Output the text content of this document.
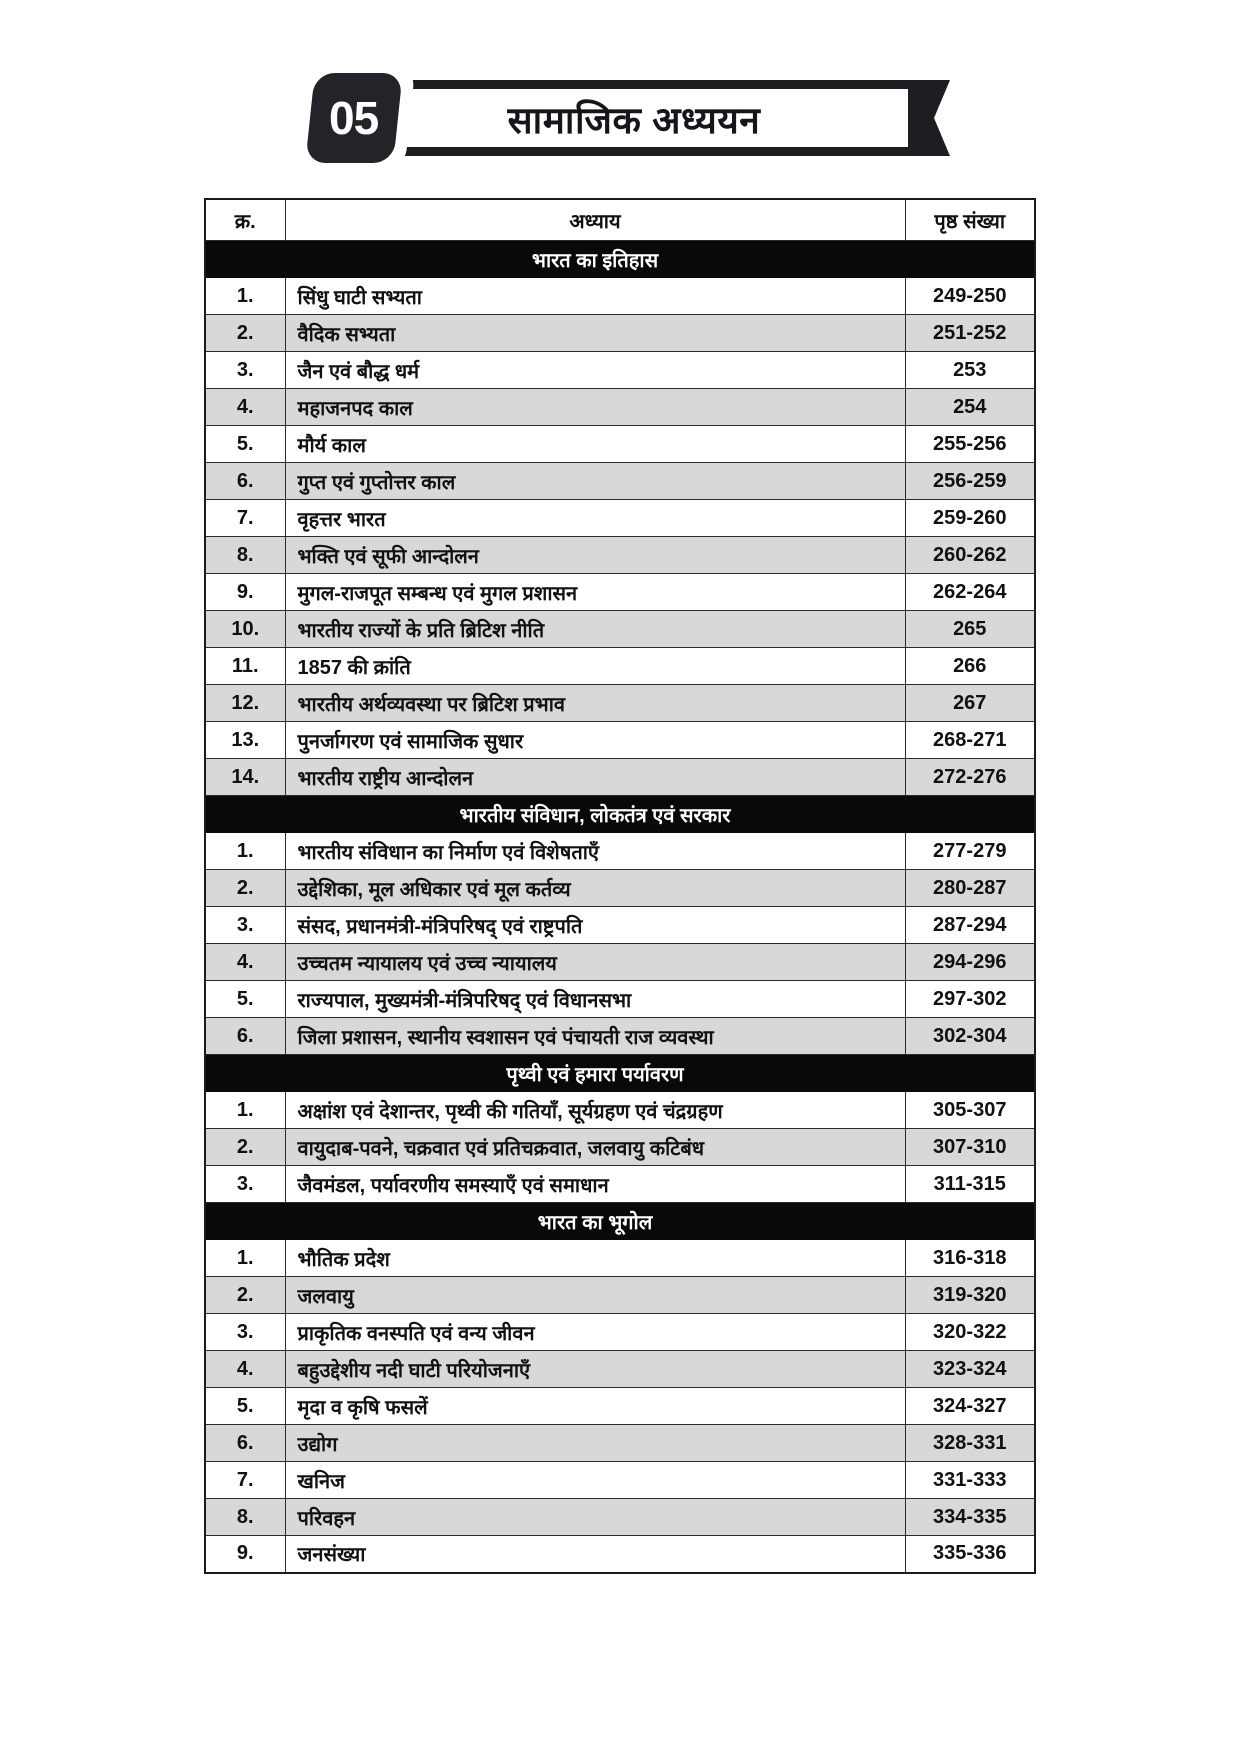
सामाजिक अध्ययन
05
क्र.	अध्याय	पृष्ठ संख्या
	भारत का इतिहास	
1.	सिंधु घाटी सभ्यता	249-250
2.	वैदिक सभ्यता	251-252
3.	जैन एवं बौद्ध धर्म	253
4.	महाजनपद काल	254
5.	मौर्य काल	255-256
6.	गुप्त एवं गुप्तोत्तर काल	256-259
7.	वृहत्तर भारत	259-260
8.	भक्ति एवं सूफी आन्दोलन	260-262
9.	मुगल-राजपूत सम्बन्ध एवं मुगल प्रशासन	262-264
10.	भारतीय राज्यों के प्रति ब्रिटिश नीति	265
11.	1857 की क्रांति	266
12.	भारतीय अर्थव्यवस्था पर ब्रिटिश प्रभाव	267
13.	पुनर्जागरण एवं सामाजिक सुधार	268-271
14.	भारतीय राष्ट्रीय आन्दोलन	272-276
	भारतीय संविधान, लोकतंत्र एवं सरकार	
1.	भारतीय संविधान का निर्माण एवं विशेषताएँ	277-279
2.	उद्देशिका, मूल अधिकार एवं मूल कर्तव्य	280-287
3.	संसद, प्रधानमंत्री-मंत्रिपरिषद् एवं राष्ट्रपति	287-294
4.	उच्चतम न्यायालय एवं उच्च न्यायालय	294-296
5.	राज्यपाल, मुख्यमंत्री-मंत्रिपरिषद् एवं विधानसभा	297-302
6.	जिला प्रशासन, स्थानीय स्वशासन एवं पंचायती राज व्यवस्था	302-304
	पृथ्वी एवं हमारा पर्यावरण	
1.	अक्षांश एवं देशान्तर, पृथ्वी की गतियाँ, सूर्यग्रहण एवं चंद्रग्रहण	305-307
2.	वायुदाब-पवने, चक्रवात एवं प्रतिचक्रवात, जलवायु कटिबंध	307-310
3.	जैवमंडल, पर्यावरणीय समस्याएँ एवं समाधान	311-315
	भारत का भूगोल	
1.	भौतिक प्रदेश	316-318
2.	जलवायु	319-320
3.	प्राकृतिक वनस्पति एवं वन्य जीवन	320-322
4.	बहुउद्देशीय नदी घाटी परियोजनाएँ	323-324
5.	मृदा व कृषि फसलें	324-327
6.	उद्योग	328-331
7.	खनिज	331-333
8.	परिवहन	334-335
9.	जनसंख्या	335-336
